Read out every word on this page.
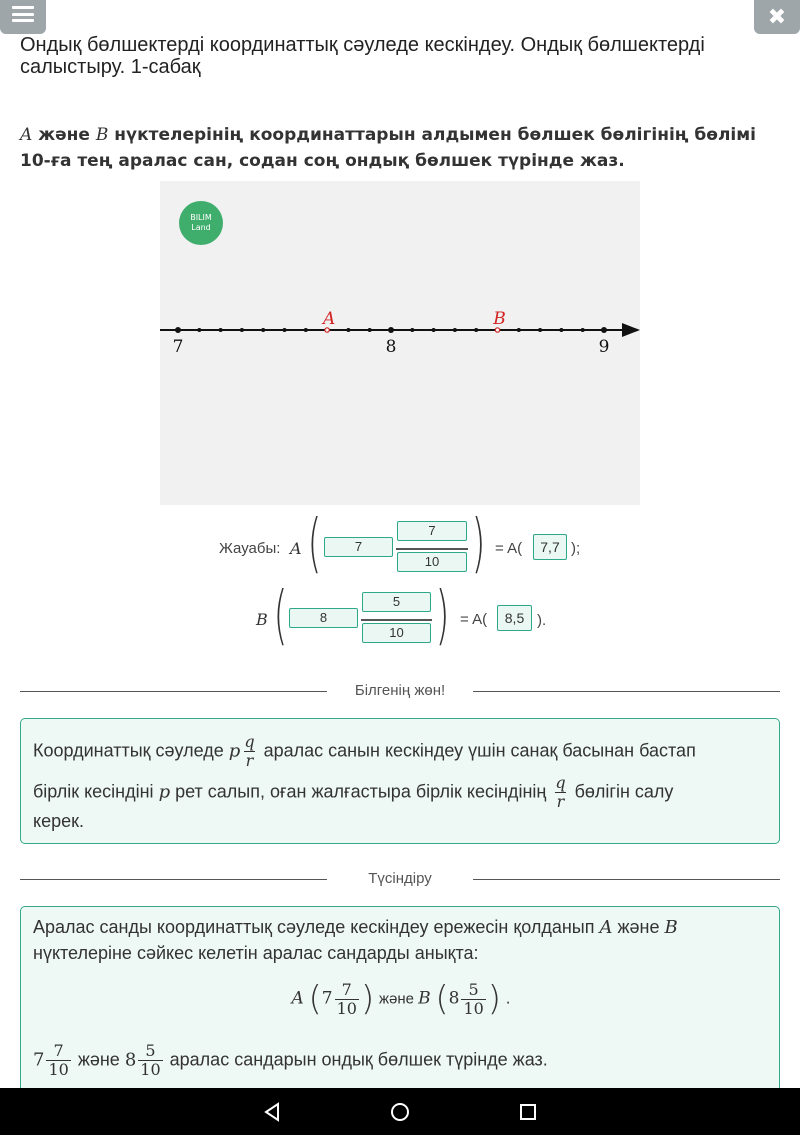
✖
Ондық бөлшектерді координаттық сәуледе кескіндеу. Ондық бөлшектерді салыстыру. 1-сабақ
A және B нүктелерінің координаттарын алдымен бөлшек бөлігінің бөлімі 10-ға тең аралас сан, содан соң ондық бөлшек түрінде жаз.
BILIM
Land
A	B
7	8	9
Жауабы: A (	7
7
10 ) = A(	7,7 );
B (	8
5
10 ) = A(	8,5 ).
Білгенің жөн!
Координаттық сәуледе p $\frac{q}{r}$ аралас санын кескіндеу үшін санақ басынан бастап
бірлік кесіндіні p рет салып, оған жалғастыра бірлік кесіндінің $\frac{q}{r}$ бөлігін салу
керек.
Түсіндіру
Аралас санды координаттық сәуледе кескіндеу ережесін қолданып A және B
нүктелеріне сәйкес келетін аралас сандарды анықта:
A ($7 \frac{7}{10}$ ) және B ($8 \frac{5}{10}$ ) .
$7 \frac{7}{10}$ және $8 \frac{5}{10}$ аралас сандарын ондық бөлшек түрінде жаз.
